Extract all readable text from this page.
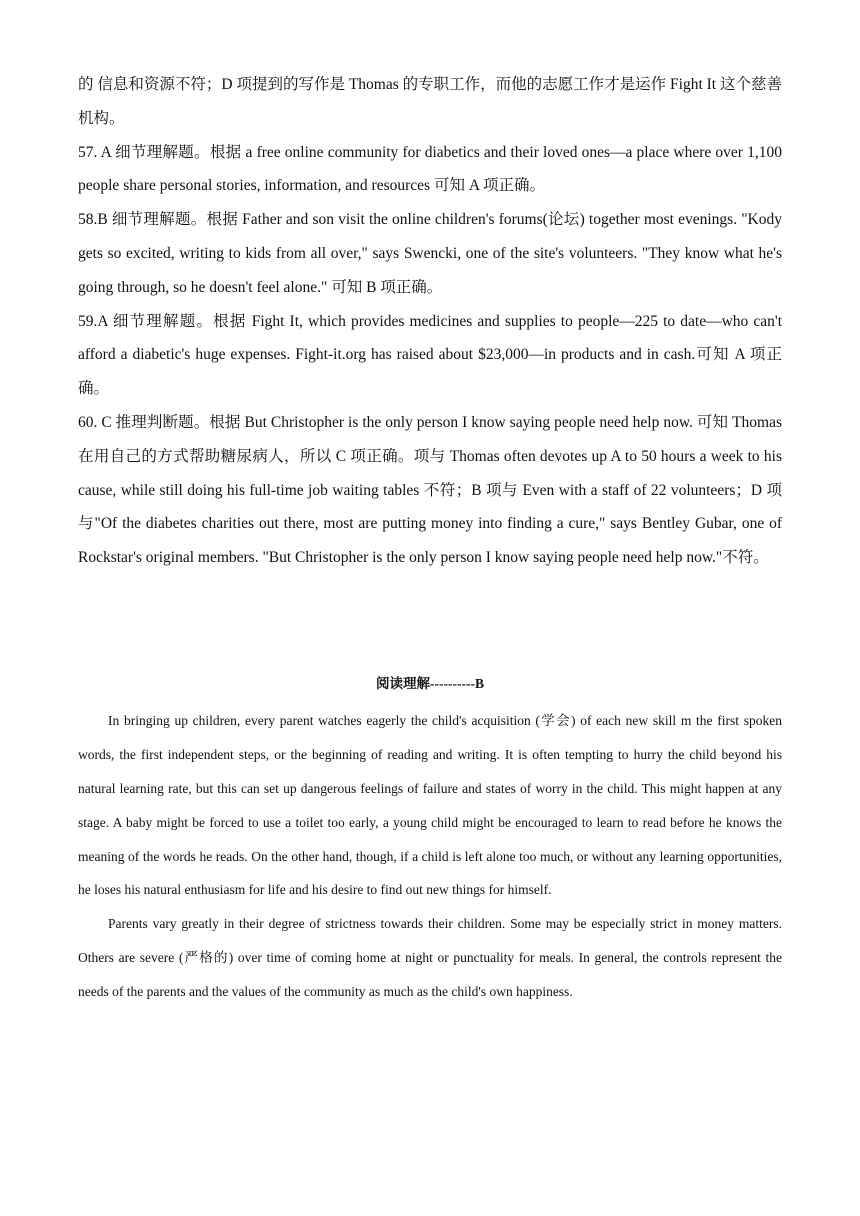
的 信息和资源不符；D 项提到的写作是 Thomas 的专职工作，而他的志愿工作才是运作 Fight It 这个慈善机构。

57. A 细节理解题。根据 a free online community for diabetics and their loved ones—a place where over 1,100 people share personal stories, information, and resources 可知 A 项正确。

58.B 细节理解题。根据 Father and son visit the online children's forums(论坛) together most evenings. "Kody gets so excited, writing to kids from all over," says Swencki, one of the site's volunteers. "They know what he's going through, so he doesn't feel alone." 可知 B 项正确。

59.A 细节理解题。根据 Fight It, which provides medicines and supplies to people—225 to date—who can't afford a diabetic's huge expenses. Fight-it.org has raised about $23,000—in products and in cash.可知 A 项正确。

60. C 推理判断题。根据 But Christopher is the only person I know saying people need help now. 可知 Thomas 在用自己的方式帮助糖尿病人，所以 C 项正确。项与 Thomas often devotes up A to 50 hours a week to his cause, while still doing his full-time job waiting tables 不符；B 项与 Even with a staff of 22 volunteers；D 项与"Of the diabetes charities out there, most are putting money into finding a cure," says Bentley Gubar, one of Rockstar's original members. "But Christopher is the only person I know saying people need help now."不符。

阅读理解----------B

In bringing up children, every parent watches eagerly the child's acquisition (学会) of each new skill m the first spoken words, the first independent steps, or the beginning of reading and writing. It is often tempting to hurry the child beyond his natural learning rate, but this can set up dangerous feelings of failure and states of worry in the child. This might happen at any stage. A baby might be forced to use a toilet too early, a young child might be encouraged to learn to read before he knows the meaning of the words he reads. On the other hand, though, if a child is left alone too much, or without any learning opportunities, he loses his natural enthusiasm for life and his desire to find out new things for himself.

Parents vary greatly in their degree of strictness towards their children. Some may be especially strict in money matters. Others are severe (严格的) over time of coming home at night or punctuality for meals. In general, the controls represent the needs of the parents and the values of the community as much as the child's own happiness.
